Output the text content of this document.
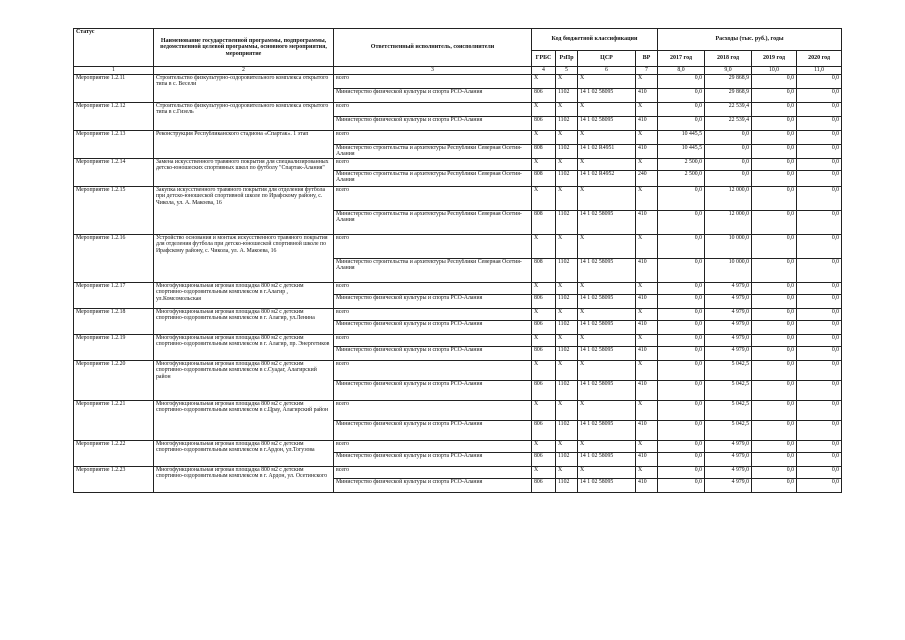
Статус	Наименование государственной программы, подпрограммы, ведомственной целевой программы, основного мероприятия, мероприятие	Ответственный исполнитель, соисполнители	Код бюджетной классификации				Расходы (тыс. руб.), годы			
			ГРБС	РзПр	ЦСР	ВР	2017 год	2018 год	2019 год	2020 год
1	2	3	4	5	6	7	8,0	9,0	10,0	11,0
Мероприятие 1.2.11	Строительство физкультурно-оздоровительного комплекса открытого типа в с. Весели	всего	X	X	X	X	0,0	29 868,9	0,0	0,0
		Министерство физической культуры и спорта РСО-Алания	806	1102	14 1 02 58095	410	0,0	29 868,9	0,0	0,0
Мероприятие 1.2.12	Строительство физкультурно-оздоровительного комплекса открытого типа в с.Гизель	всего	X	X	X	X	0,0	22 539,4	0,0	0,0
		Министерство физической культуры и спорта РСО-Алания	806	1102	14 1 02 58095	410	0,0	22 539,4	0,0	0,0
Мероприятие 1.2.13	Реконструкция Республиканского стадиона «Спартак». 1 этап	всего	X	X	X	X	10 445,5	0,0	0,0	0,0
		Министерство строительства и архитектуры Республики Северная Осетия-Алания	808	1102	14 1 02 R4951	410	10 445,5	0,0	0,0	0,0
Мероприятие 1.2.14	Замена искусственного травяного покрытия для специализированных детско-юношеских спортивных школ по футболу "Спартак-Алания"	всего	X	X	X	X	2 500,0	0,0	0,0	0,0
		Министерство строительства и архитектуры Республики Северная Осетия-Алания	808	1102	14 1 02 R4952	240	2 500,0	0,0	0,0	0,0
Мероприятие 1.2.15	Закупка искусственного травяного покрытия для отделения футбола при детско-юношеской спортивной школе по Ирафскому району, с. Чикола, ул. А. Макоева, 16	всего	X	X	X	X	0,0	12 000,0	0,0	0,0
		Министерство строительства и архитектуры Республики Северная Осетия-Алания	808	1102	14 1 02 58095	410	0,0	12 000,0	0,0	0,0
Мероприятие 1.2.16	Устройство основания и монтаж искусственного травяного покрытия для отделения футбола при детско-юношеской спортивной школе по Ирафскому району, с. Чикола, ул. А. Макоева, 16	всего	X	X	X	X	0,0	10 000,0	0,0	0,0
		Министерство строительства и архитектуры Республики Северная Осетия-Алания	808	1102	14 1 02 58095	410	0,0	10 000,0	0,0	0,0
Мероприятие 1.2.17	Многофункциональная игровая площадка 800 м2 с детским спортивно-оздоровительным комплексом в г.Алагир , ул.Комсомольская	всего	X	X	X	X	0,0	4 979,0	0,0	0,0
		Министерство физической культуры и спорта РСО-Алания	806	1102	14 1 02 58095	410	0,0	4 979,0	0,0	0,0
Мероприятие 1.2.18	Многофункциональная игровая площадка 800 м2 с детским спортивно-оздоровительным комплексом в г. Алагир, ул.Ленина	всего	X	X	X	X	0,0	4 979,0	0,0	0,0
		Министерство физической культуры и спорта РСО-Алания	806	1102	14 1 02 58095	410	0,0	4 979,0	0,0	0,0
Мероприятие 1.2.19	Многофункциональная игровая площадка 800 м2 с детским спортивно-оздоровительным комплексом в г. Алагир, пр. Энергетиков	всего	X	X	X	X	0,0	4 979,0	0,0	0,0
		Министерство физической культуры и спорта РСО-Алания	806	1102	14 1 02 58095	410	0,0	4 979,0	0,0	0,0
Мероприятие 1.2.20	Многофункциональная игровая площадка 800 м2 с детским спортивно-оздоровительным комплексом в с.Суадаг, Алагирский район	всего	X	X	X	X	0,0	5 042,5	0,0	0,0
		Министерство физической культуры и спорта РСО-Алания	806	1102	14 1 02 58095	410	0,0	5 042,5	0,0	0,0
Мероприятие 1.2.21	Многофункциональная игровая площадка 800 м2 с детским спортивно-оздоровительным комплексом в с.Црау, Алагирский район	всего	X	X	X	X	0,0	5 042,5	0,0	0,0
		Министерство физической культуры и спорта РСО-Алания	806	1102	14 1 02 58095	410	0,0	5 042,5	0,0	0,0
Мероприятие 1.2.22	Многофункциональная игровая площадка 800 м2 с детским спортивно-оздоровительным комплексом в г.Ардон, ул.Тогузова	всего	X	X	X	X	0,0	4 979,0	0,0	0,0
		Министерство физической культуры и спорта РСО-Алания	806	1102	14 1 02 58095	410	0,0	4 979,0	0,0	0,0
Мероприятие 1.2.23	Многофункциональная игровая площадка 800 м2 с детским спортивно-оздоровительным комплексом в г. Ардон, ул. Осетинского	всего	X	X	X	X	0,0	4 979,0	0,0	0,0
		Министерство физической культуры и спорта РСО-Алания	806	1102	14 1 02 58095	410	0,0	4 979,0	0,0	0,0
